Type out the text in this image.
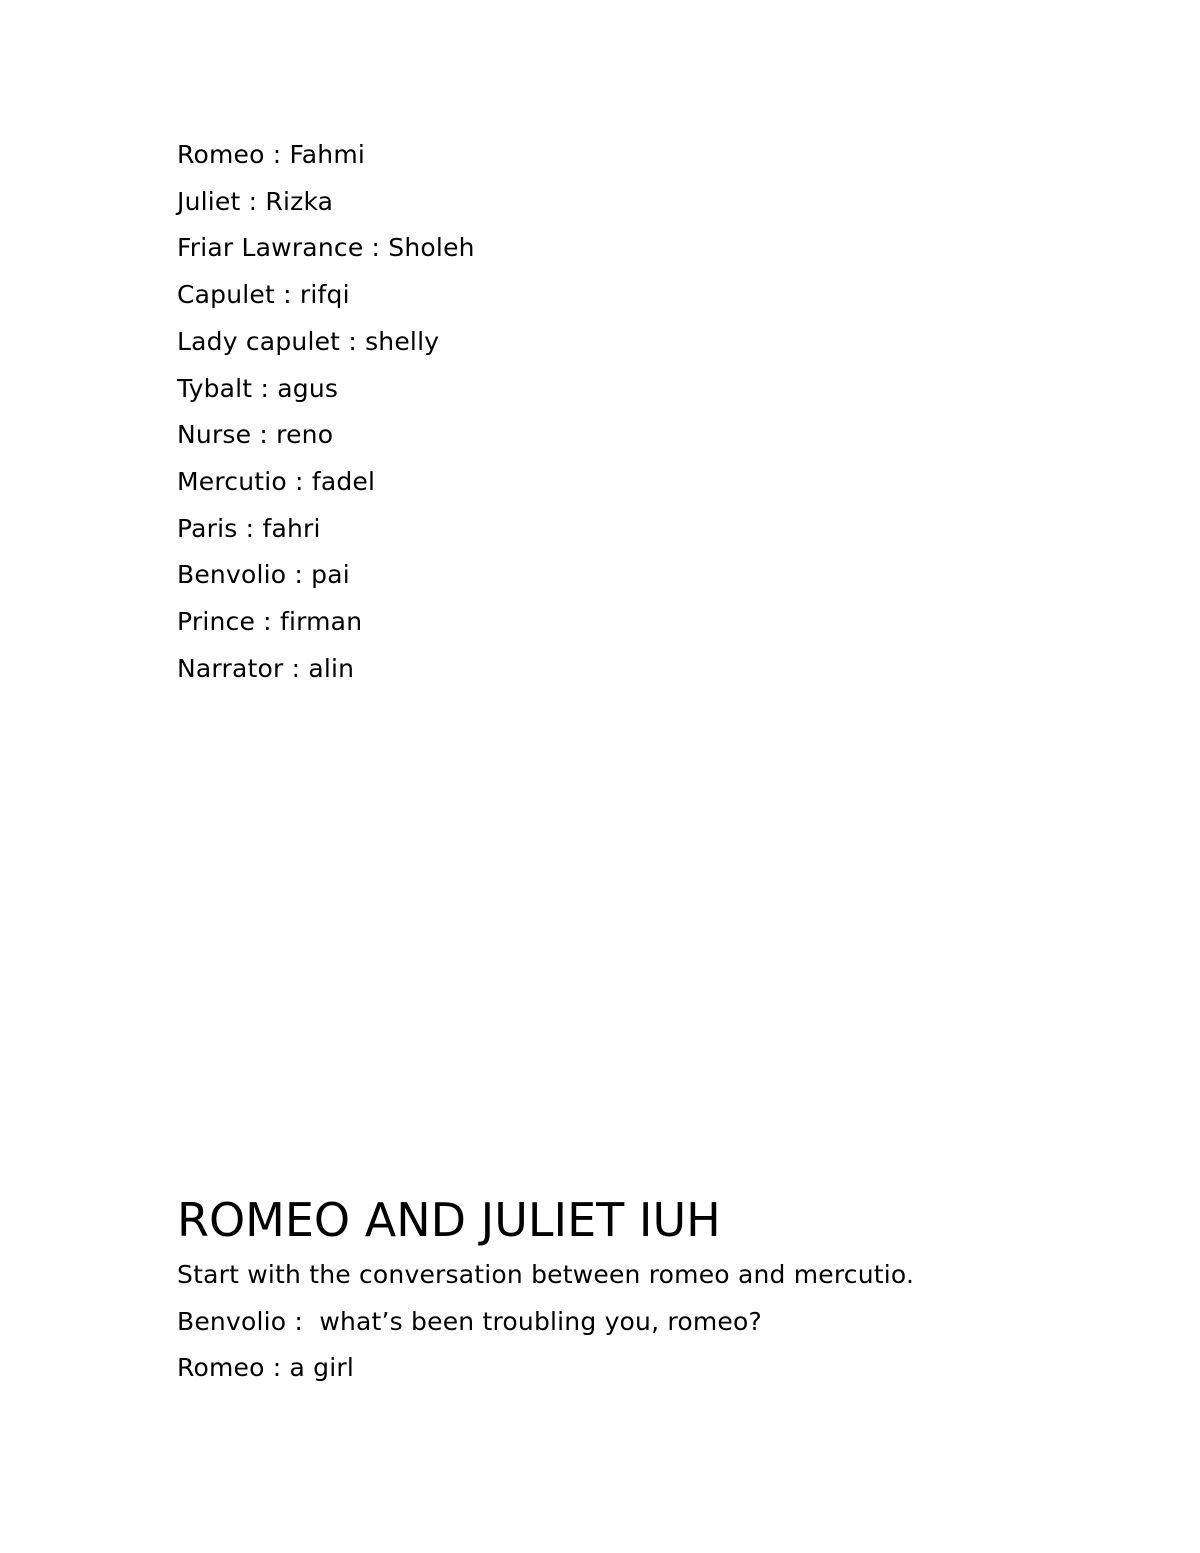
Romeo : Fahmi
Juliet : Rizka
Friar Lawrance : Sholeh
Capulet : rifqi
Lady capulet : shelly
Tybalt : agus
Nurse : reno
Mercutio : fadel
Paris : fahri
Benvolio : pai
Prince : firman
Narrator : alin
ROMEO AND JULIET IUH
Start with the conversation between romeo and mercutio.
Benvolio :  what’s been troubling you, romeo?
Romeo : a girl
